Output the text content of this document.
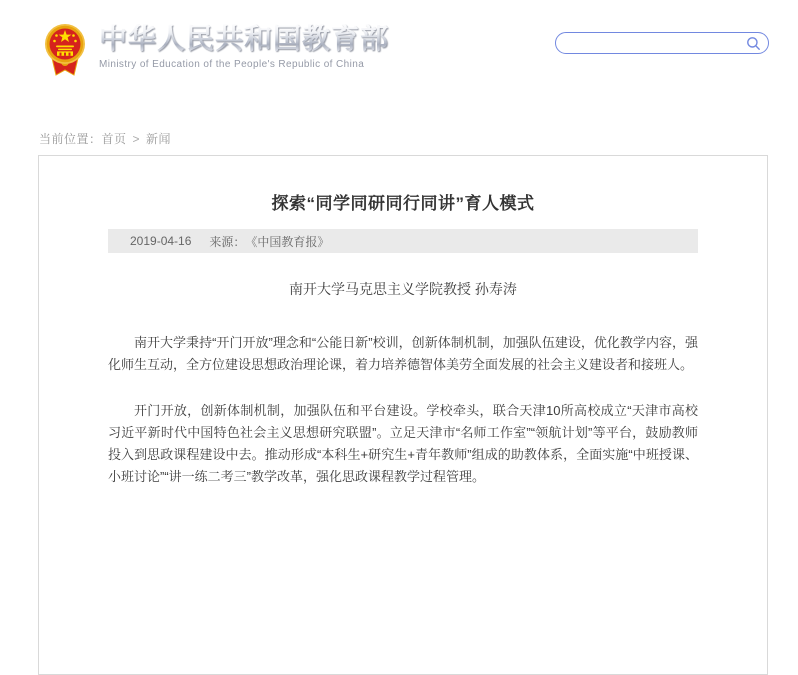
中华人民共和国教育部
Ministry of Education of the People's Republic of China
当前位置：首页 > 新闻
探索“同学同研同行同讲”育人模式
2019-04-16 来源： 《中国教育报》
南开大学马克思主义学院教授 孙寿涛

南开大学秉持“开门开放”理念和“公能日新”校训，创新体制机制，加强队伍建设，优化教学内容，强化师生互动，全方位建设思想政治理论课，着力培养德智体美劳全面发展的社会主义建设者和接班人。

开门开放，创新体制机制，加强队伍和平台建设。学校牵头，联合天津10所高校成立“天津市高校习近平新时代中国特色社会主义思想研究联盟”。立足天津市“名师工作室”“领航计划”等平台，鼓励教师投入到思政课程建设中去。推动形成“本科生+研究生+青年教师”组成的助教体系，全面实施“中班授课、小班讨论”“讲一练二考三”教学改革，强化思政课程教学过程管理。
